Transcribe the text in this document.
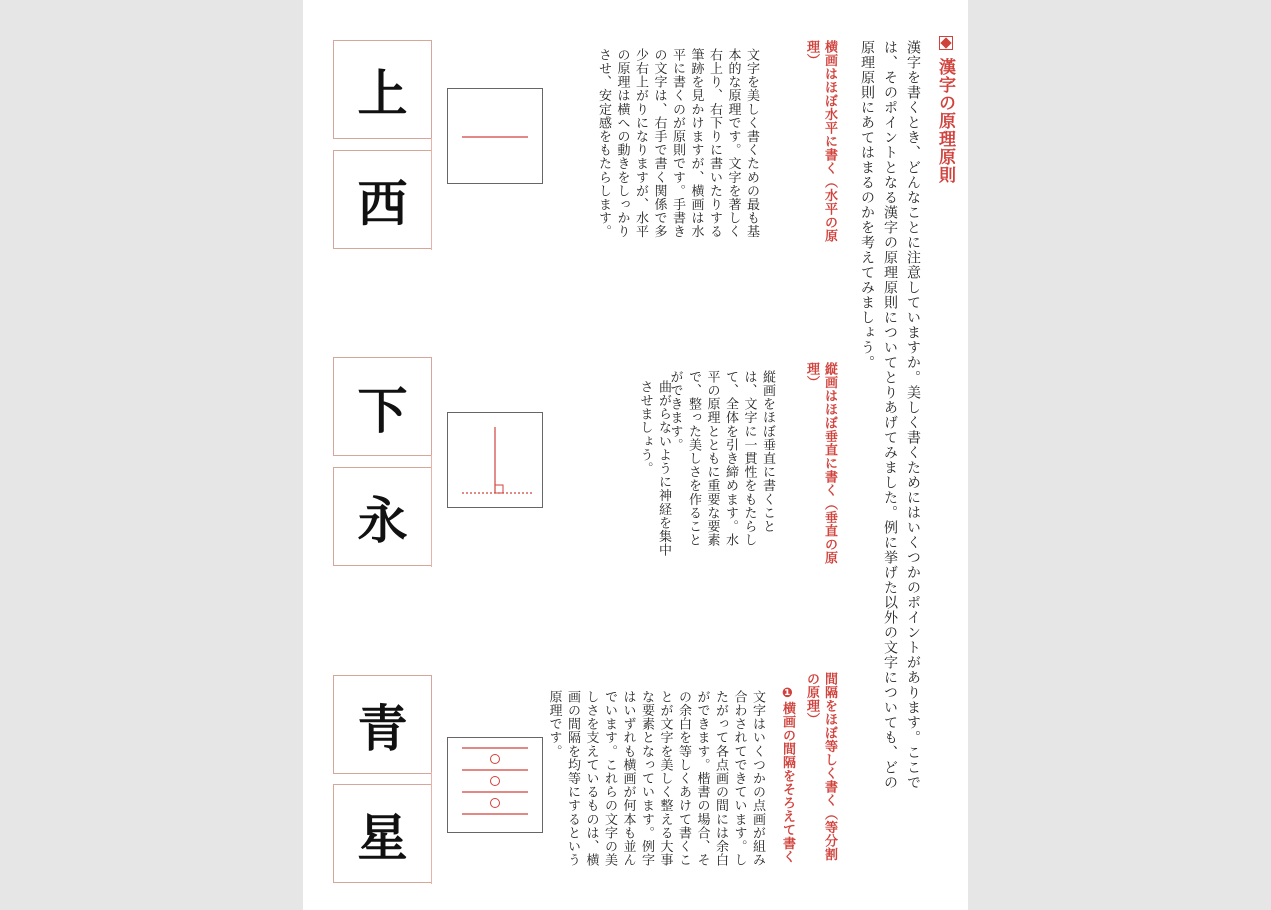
漢字の原理原則
漢字を書くとき、どんなことに注意していますか。美しく書くためにはいくつかのポイントがあります。ここでは、そのポイントとなる漢字の原理原則についてとりあげてみました。例に挙げた以外の文字についても、どの原理原則にあてはまるのかを考えてみましょう。
横画はほぼ水平に書く（水平の原理）
文字を美しく書くための最も基本的な原理です。文字を著しく右上り、右下りに書いたりする筆跡を見かけますが、横画は水平に書くのが原則です。手書きの文字は、右手で書く関係で多少右上がりになりますが、水平の原理は横への動きをしっかりさせ、安定感をもたらします。
縦画はほぼ垂直に書く（垂直の原理）
縦画をほぼ垂直に書くことは、文字に一貫性をもたらして、全体を引き締めます。水平の原理とともに重要な要素で、整った美しさを作ることができます。
曲がらないように神経を集中させましょう。
間隔をほぼ等しく書く（等分割の原理）
❶横画の間隔をそろえて書く
文字はいくつかの点画が組み合わされてできています。したがって各点画の間には余白ができます。楷書の場合、その余白を等しくあけて書くことが文字を美しく整える大事な要素となっています。例字はいずれも横画が何本も並んでいます。これらの文字の美しさを支えているものは、横画の間隔を均等にするという原理です。
上
西
下
永
青
星
